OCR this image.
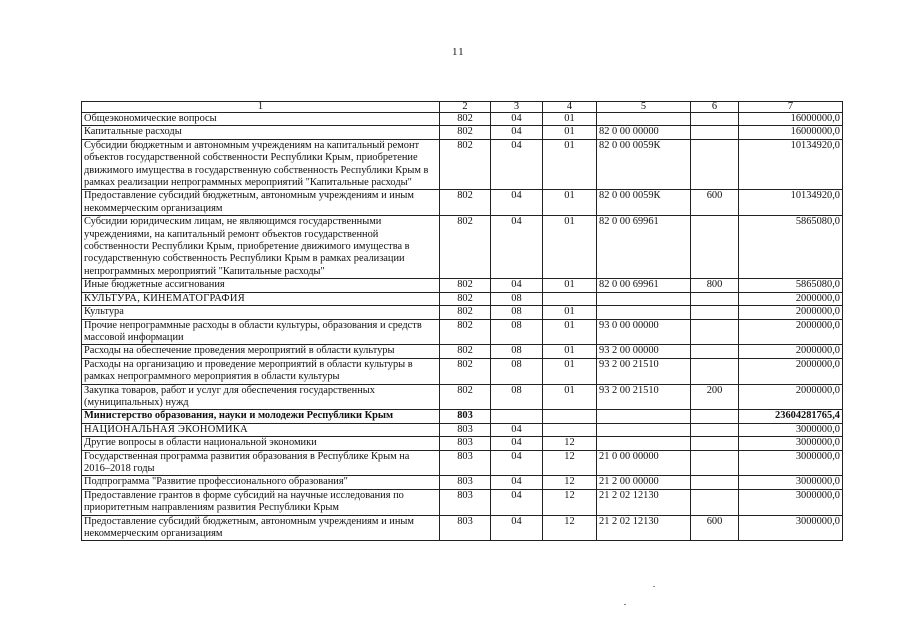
11
1	2	3	4	5	6	7
Общеэкономические вопросы	802	04	01			16000000,0
Капитальные расходы	802	04	01	82 0 00 00000		16000000,0
Субсидии бюджетным и автономным учреждениям на капитальный ремонт объектов государственной собственности Республики Крым, приобретение движимого имущества в государственную собственность Республики Крым в рамках реализации непрограммных мероприятий "Капитальные расходы"	802	04	01	82 0 00 0059К		10134920,0
Предоставление субсидий бюджетным, автономным учреждениям и иным некоммерческим организациям	802	04	01	82 0 00 0059К	600	10134920,0
Субсидии юридическим лицам, не являющимся государственными учреждениями, на капитальный ремонт объектов государственной собственности Республики Крым, приобретение движимого имущества в государственную собственность Республики Крым в рамках реализации непрограммных мероприятий "Капитальные расходы"	802	04	01	82 0 00 69961		5865080,0
Иные бюджетные ассигнования	802	04	01	82 0 00 69961	800	5865080,0
КУЛЬТУРА, КИНЕМАТОГРАФИЯ	802	08				2000000,0
Культура	802	08	01			2000000,0
Прочие непрограммные расходы в области культуры, образования и средств массовой информации	802	08	01	93 0 00 00000		2000000,0
Расходы на обеспечение проведения мероприятий в области культуры	802	08	01	93 2 00 00000		2000000,0
Расходы на организацию и проведение мероприятий в области культуры в рамках непрограммного мероприятия в области культуры	802	08	01	93 2 00 21510		2000000,0
Закупка товаров, работ и услуг для обеспечения государственных (муниципальных) нужд	802	08	01	93 2 00 21510	200	2000000,0
Министерство образования, науки и молодежи Республики Крым	803					23604281765,4
НАЦИОНАЛЬНАЯ ЭКОНОМИКА	803	04				3000000,0
Другие вопросы в области национальной экономики	803	04	12			3000000,0
Государственная программа развития образования в Республике Крым на 2016–2018 годы	803	04	12	21 0 00 00000		3000000,0
Подпрограмма "Развитие профессионального образования"	803	04	12	21 2 00 00000		3000000,0
Предоставление грантов в форме субсидий на научные исследования по приоритетным направлениям развития Республики Крым	803	04	12	21 2 02 12130		3000000,0
Предоставление субсидий бюджетным, автономным учреждениям и иным некоммерческим организациям	803	04	12	21 2 02 12130	600	3000000,0
